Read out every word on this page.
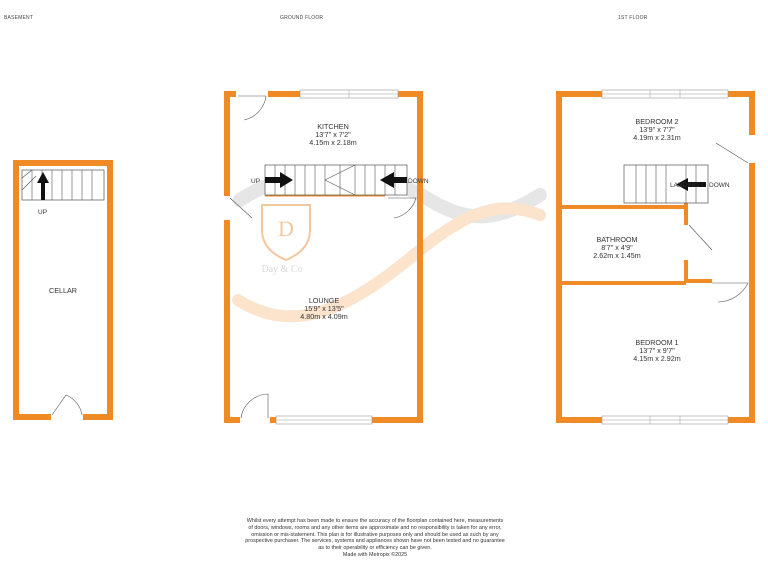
BASEMENT	GROUND FLOOR	1ST FLOOR
D
Day & Co
UP
CELLAR
UP	DOWN
KITCHEN
13'7" x 7'2"
4.15m x 2.18m
LOUNGE
15'9" x 13'5"
4.80m x 4.09m
LANDING DOWN
BEDROOM 2
13'9" x 7'7"
4.19m x 2.31m
BATHROOM
8'7" x 4'9"
2.62m x 1.45m
BEDROOM 1
13'7" x 9'7"
4.15m x 2.92m
Whilst every attempt has been made to ensure the accuracy of the floorplan contained here, measurements
of doors, windows, rooms and any other items are approximate and no responsibility is taken for any error,
omission or mis-statement. This plan is for illustrative purposes only and should be used as such by any
prospective purchaser. The services, systems and appliances shown have not been tested and no guarantee
as to their operability or efficiency can be given.
Made with Metropix ©2025
